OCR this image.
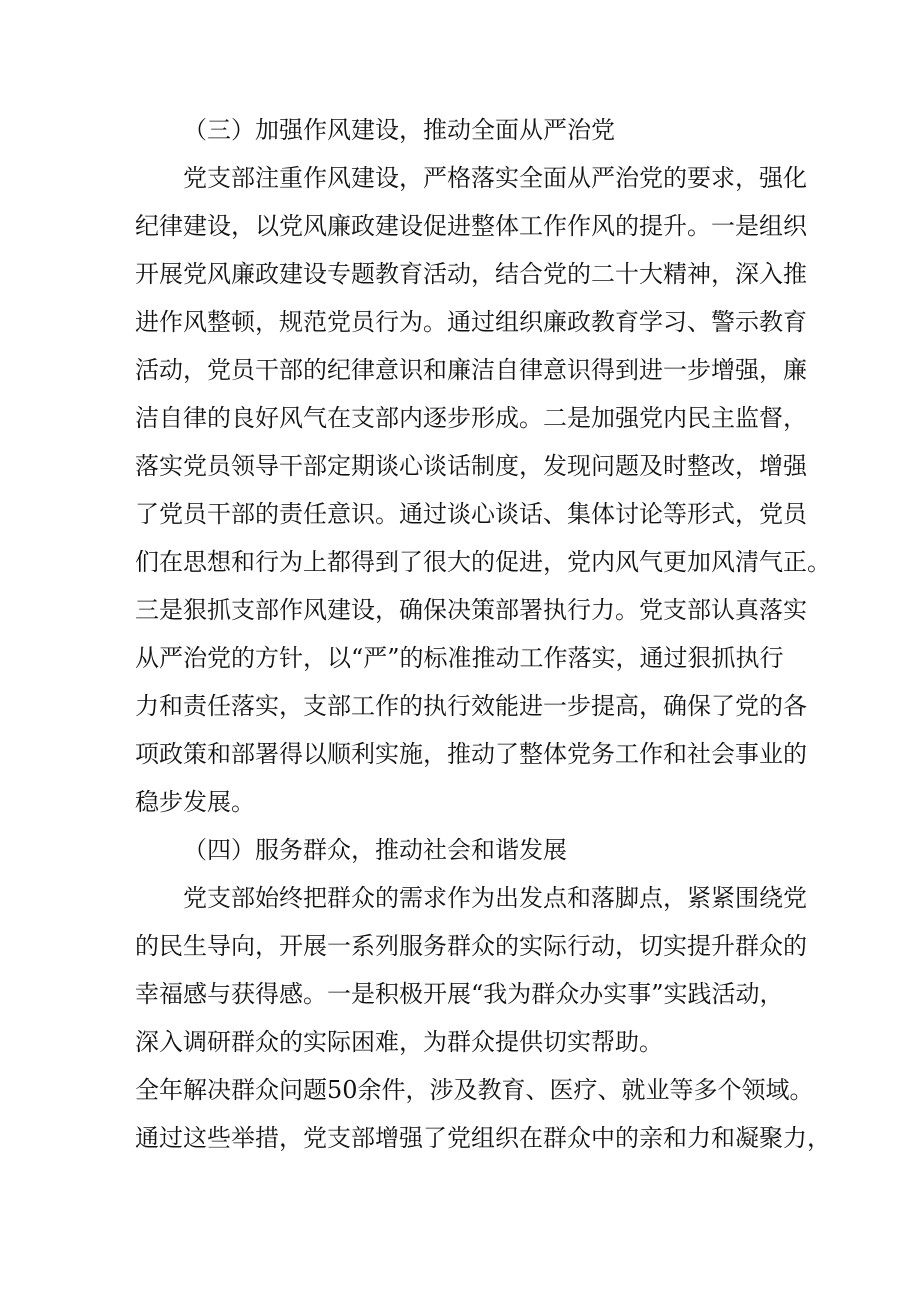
（三）加强作风建设，推动全面从严治党
党支部注重作风建设，严格落实全面从严治党的要求，强化
纪律建设，以党风廉政建设促进整体工作作风的提升。一是组织
开展党风廉政建设专题教育活动，结合党的二十大精神，深入推
进作风整顿，规范党员行为。通过组织廉政教育学习、警示教育
活动，党员干部的纪律意识和廉洁自律意识得到进一步增强，廉
洁自律的良好风气在支部内逐步形成。二是加强党内民主监督，
落实党员领导干部定期谈心谈话制度，发现问题及时整改，增强
了党员干部的责任意识。通过谈心谈话、集体讨论等形式，党员
们在思想和行为上都得到了很大的促进，党内风气更加风清气正。
三是狠抓支部作风建设，确保决策部署执行力。党支部认真落实
从严治党的方针，以“严”的标准推动工作落实，通过狠抓执行
力和责任落实，支部工作的执行效能进一步提高，确保了党的各
项政策和部署得以顺利实施，推动了整体党务工作和社会事业的
稳步发展。
（四）服务群众，推动社会和谐发展
党支部始终把群众的需求作为出发点和落脚点，紧紧围绕党
的民生导向，开展一系列服务群众的实际行动，切实提升群众的
幸福感与获得感。一是积极开展“我为群众办实事”实践活动，
深入调研群众的实际困难，为群众提供切实帮助。
全年解决群众问题50余件，涉及教育、医疗、就业等多个领域。
通过这些举措，党支部增强了党组织在群众中的亲和力和凝聚力，
